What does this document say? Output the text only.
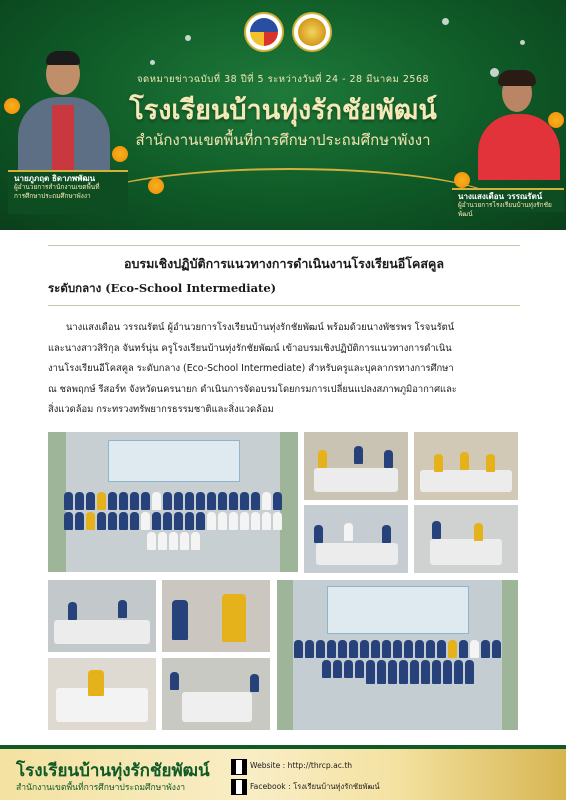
จดหมายข่าวฉบับที่ 38 ปีที่ 5 ระหว่างวันที่ 24 - 28 มีนาคม 2568
โรงเรียนบ้านทุ่งรักชัยพัฒน์
สำนักงานเขตพื้นที่การศึกษาประถมศึกษาพังงา
นายภูภฤต ธิดาภพพัฒน
ผู้อำนวยการสำนักงานเขตพื้นที่
การศึกษาประถมศึกษาพังงา	นางแสงเดือน วรรณรัตน์
ผู้อำนวยการโรงเรียนบ้านทุ่งรักชัยพัฒน์
อบรมเชิงปฏิบัติการแนวทางการดำเนินงานโรงเรียนอีโคสคูล
ระดับกลาง (Eco-School Intermediate)

นางแสงเดือน วรรณรัตน์ ผู้อำนวยการโรงเรียนบ้านทุ่งรักชัยพัฒน์ พร้อมด้วยนางพัชรพร โรจนรัตน์

และนางสาวสิริกุล จันทร์นุ่น ครูโรงเรียนบ้านทุ่งรักชัยพัฒน์ เข้าอบรมเชิงปฏิบัติการแนวทางการดำเนิน
งานโรงเรียนอีโคสคูล ระดับกลาง (Eco-School Intermediate) สำหรับครูและบุคลากรทางการศึกษา
ณ ชลพฤกษ์ รีสอร์ท จังหวัดนครนายก ดำเนินการจัดอบรมโดยกรมการเปลี่ยนแปลงสภาพภูมิอากาศและ
สิ่งแวดล้อม กระทรวงทรัพยากรธรรมชาติและสิ่งแวดล้อม
โรงเรียนบ้านทุ่งรักชัยพัฒน์
สำนักงานเขตพื้นที่การศึกษาประถมศึกษาพังงา
Website : http://thrcp.ac.th
Facebook : โรงเรียนบ้านทุ่งรักชัยพัฒน์
